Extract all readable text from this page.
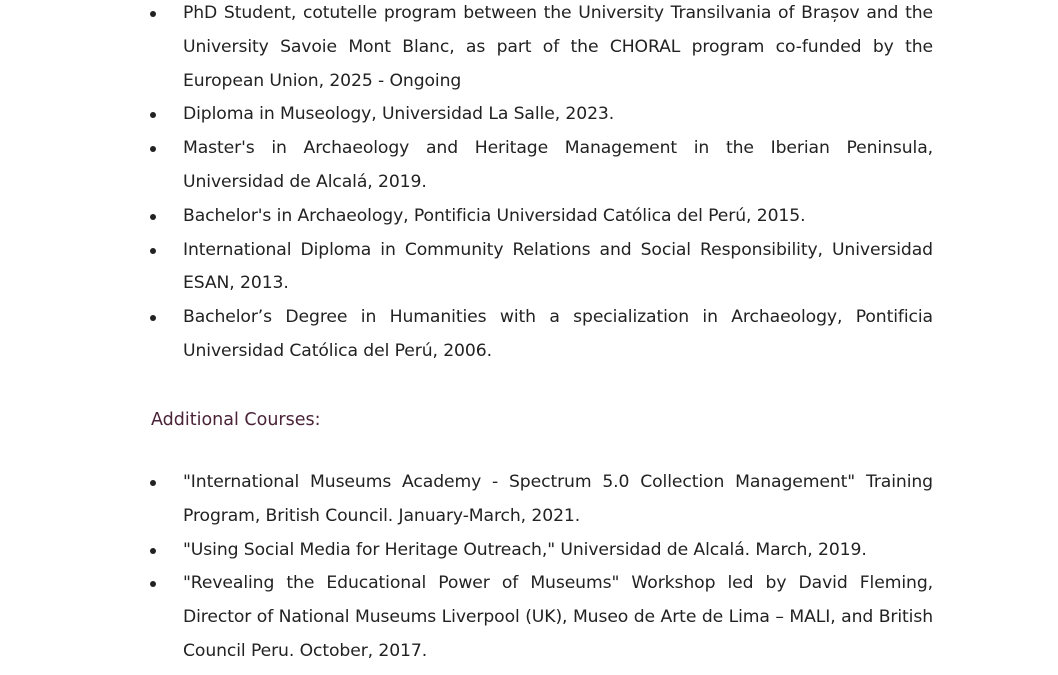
PhD Student, cotutelle program between the University Transilvania of Brașov and the University Savoie Mont Blanc, as part of the CHORAL program co-funded by the European Union, 2025 - Ongoing
Diploma in Museology, Universidad La Salle, 2023.
Master's in Archaeology and Heritage Management in the Iberian Peninsula, Universidad de Alcalá, 2019.
Bachelor's in Archaeology, Pontificia Universidad Católica del Perú, 2015.
International Diploma in Community Relations and Social Responsibility, Universidad ESAN, 2013.
Bachelor’s Degree in Humanities with a specialization in Archaeology, Pontificia Universidad Católica del Perú, 2006.
Additional Courses:
"International Museums Academy - Spectrum 5.0 Collection Management" Training Program, British Council. January-March, 2021.
"Using Social Media for Heritage Outreach," Universidad de Alcalá. March, 2019.
"Revealing the Educational Power of Museums" Workshop led by David Fleming, Director of National Museums Liverpool (UK), Museo de Arte de Lima – MALI, and British Council Peru. October, 2017.
